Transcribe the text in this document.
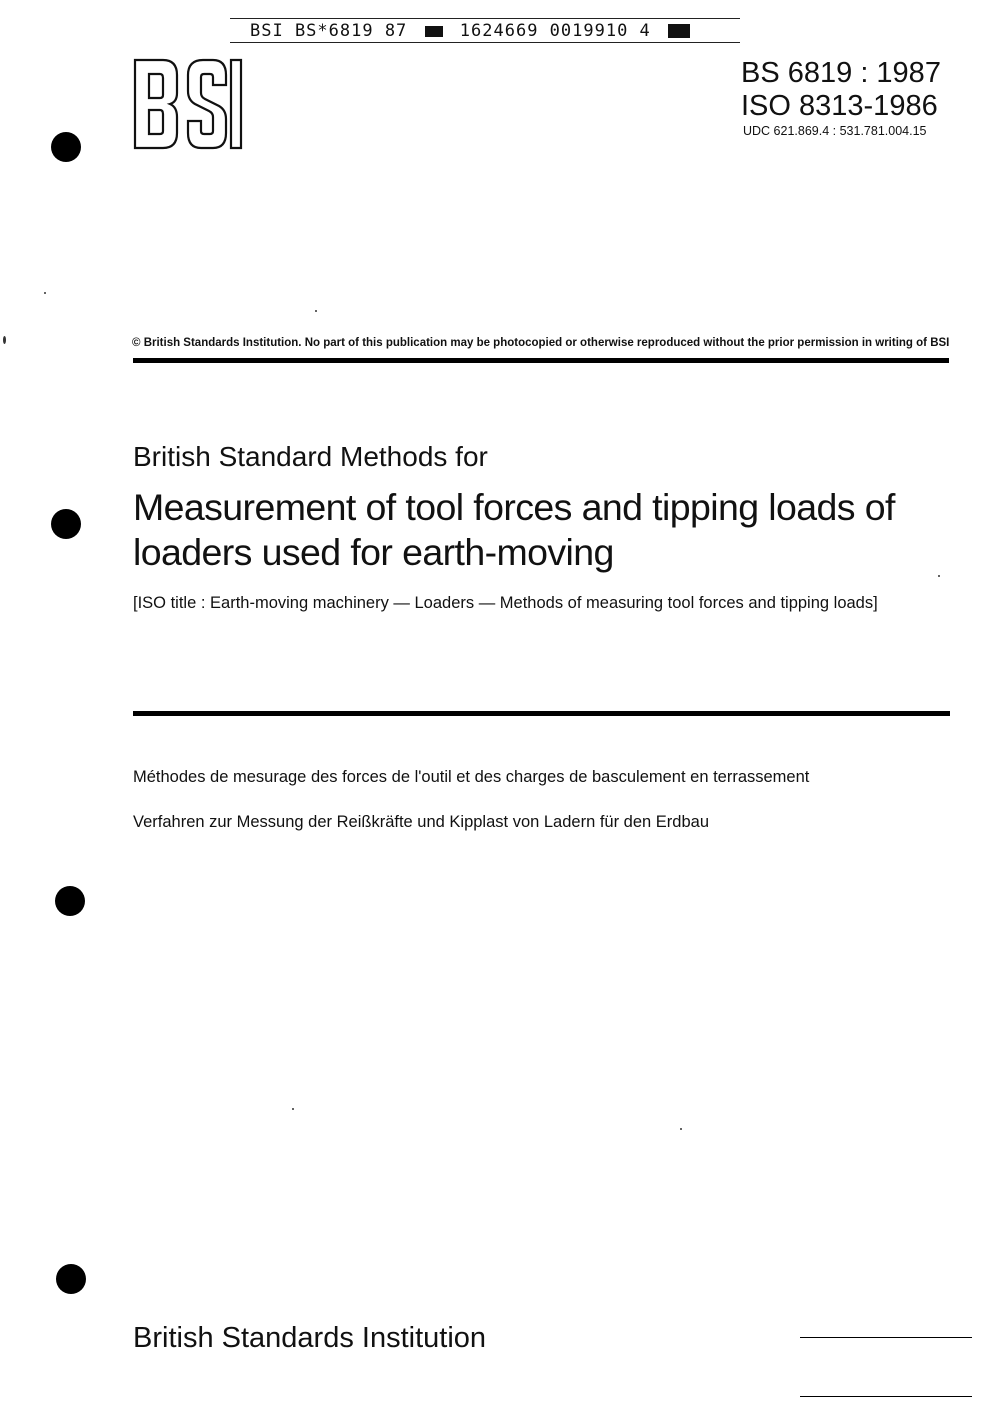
BSI BS*6819 87	1624669 0019910 4
BS 6819 : 1987
ISO 8313-1986
UDC 621.869.4 : 531.781.004.15
© British Standards Institution. No part of this publication may be photocopied or otherwise reproduced without the prior permission in writing of BSI
British Standard Methods for
Measurement of tool forces and tipping loads of loaders used for earth-moving
[ISO title : Earth-moving machinery — Loaders — Methods of measuring tool forces and tipping loads]
Méthodes de mesurage des forces de l'outil et des charges de basculement en terrassement
Verfahren zur Messung der Reißkräfte und Kipplast von Ladern für den Erdbau
British Standards Institution
